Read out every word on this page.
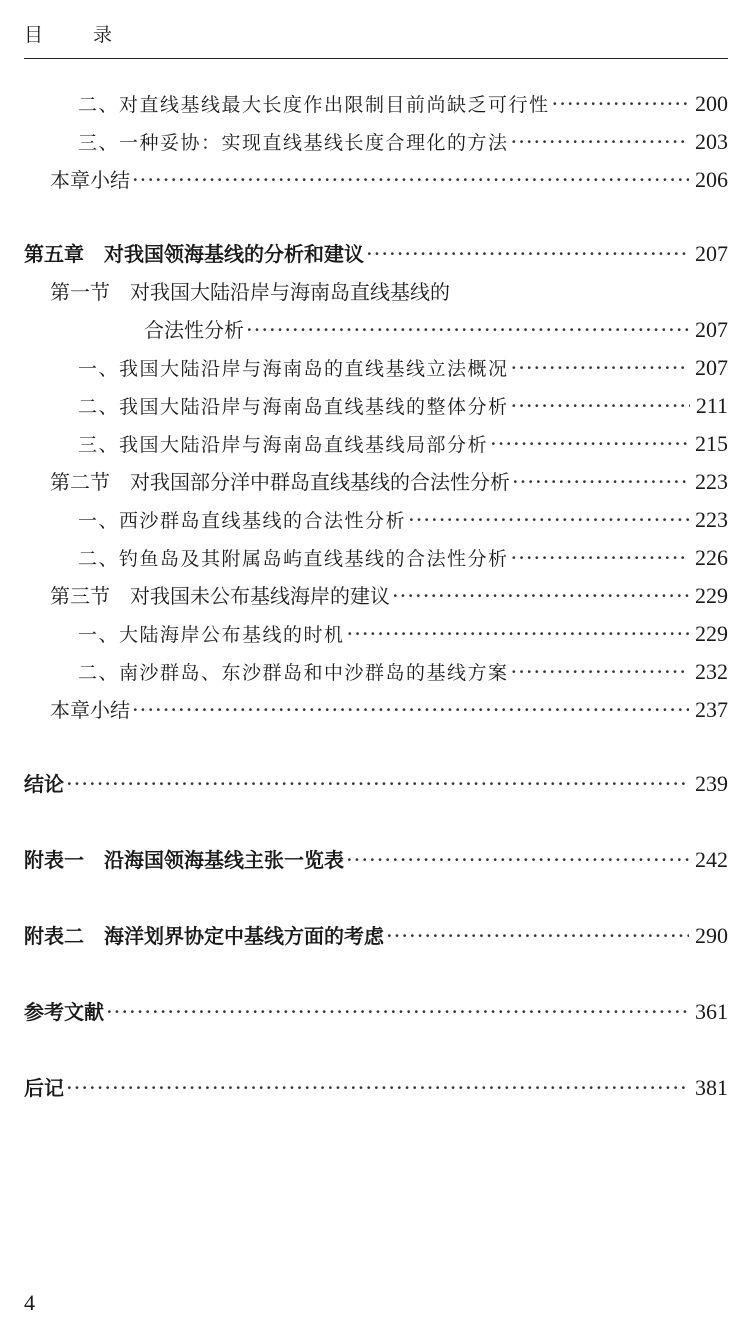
目 录
二、对直线基线最大长度作出限制目前尚缺乏可行性 ·····	200
三、一种妥协：实现直线基线长度合理化的方法 ·····	203
本章小结 ·····	206
第五章　对我国领海基线的分析和建议 ·····	207
第一节　对我国大陆沿岸与海南岛直线基线的
合法性分析 ·····	207
一、我国大陆沿岸与海南岛的直线基线立法概况 ·····	207
二、我国大陆沿岸与海南岛直线基线的整体分析 ·····	211
三、我国大陆沿岸与海南岛直线基线局部分析 ·····	215
第二节　对我国部分洋中群岛直线基线的合法性分析 ·····	223
一、西沙群岛直线基线的合法性分析 ·····	223
二、钓鱼岛及其附属岛屿直线基线的合法性分析 ·····	226
第三节　对我国未公布基线海岸的建议 ·····	229
一、大陆海岸公布基线的时机 ·····	229
二、南沙群岛、东沙群岛和中沙群岛的基线方案 ·····	232
本章小结 ·····	237
结论 ·····	239
附表一　沿海国领海基线主张一览表 ·····	242
附表二　海洋划界协定中基线方面的考虑 ·····	290
参考文献 ·····	361
后记 ·····	381
4
